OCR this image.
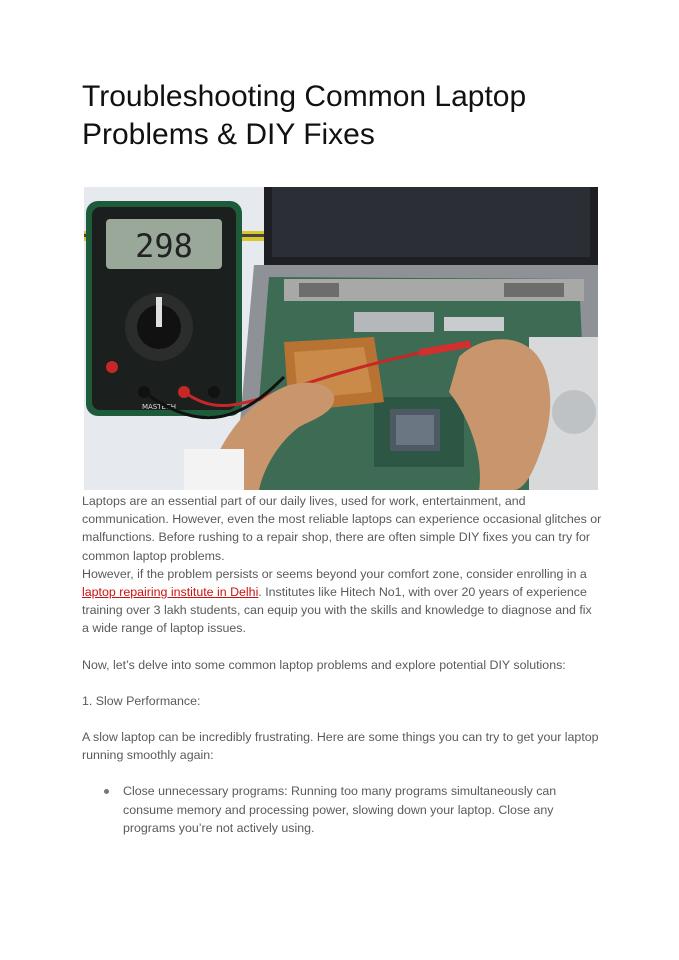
Troubleshooting Common Laptop
Problems & DIY Fixes
298
MASTECH

Laptops are an essential part of our daily lives, used for work, entertainment, and communication. However, even the most reliable laptops can experience occasional glitches or malfunctions. Before rushing to a repair shop, there are often simple DIY fixes you can try for common laptop problems.

However, if the problem persists or seems beyond your comfort zone, consider enrolling in a laptop repairing institute in Delhi. Institutes like Hitech No1, with over 20 years of experience training over 3 lakh students, can equip you with the skills and knowledge to diagnose and fix a wide range of laptop issues.

Now, let’s delve into some common laptop problems and explore potential DIY solutions:

1. Slow Performance:

A slow laptop can be incredibly frustrating. Here are some things you can try to get your laptop running smoothly again:

Close unnecessary programs: Running too many programs simultaneously can consume memory and processing power, slowing down your laptop. Close any programs you’re not actively using.
